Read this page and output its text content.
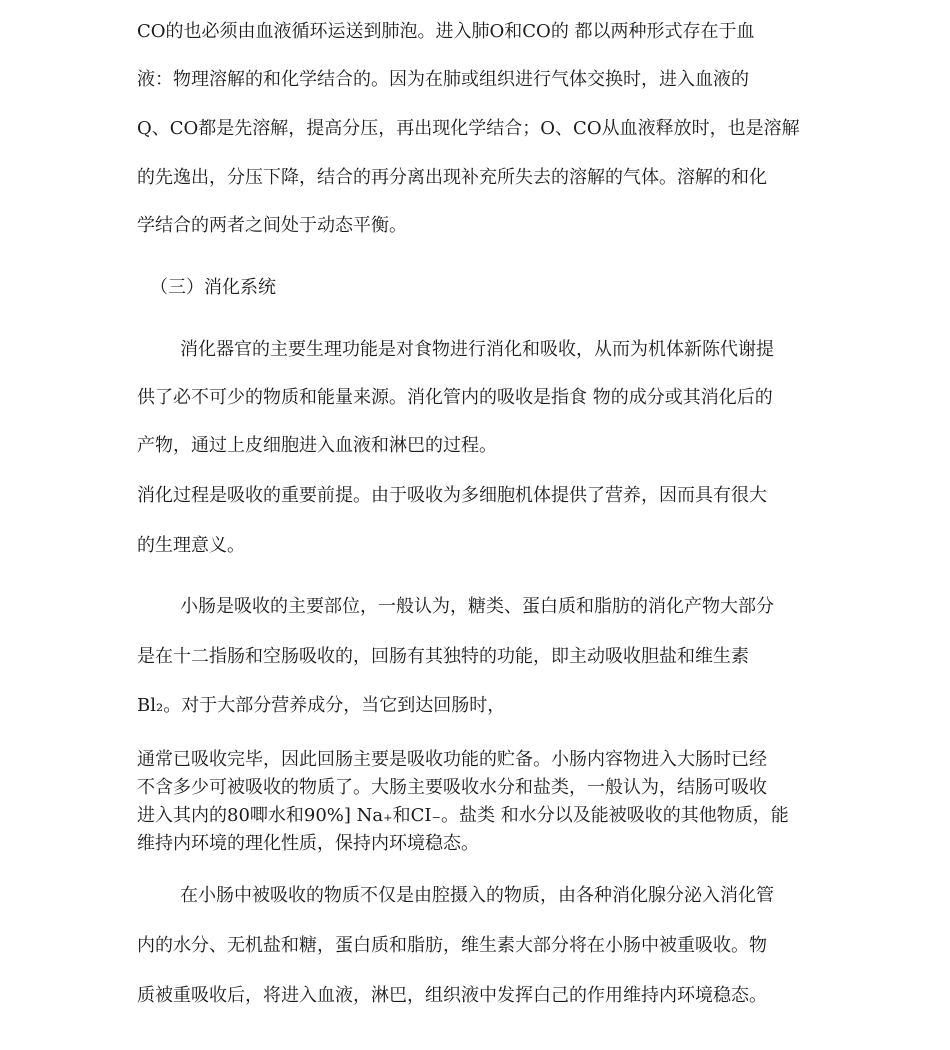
CO的也必须由血液循环运送到肺泡。进入肺O和CO的 都以两种形式存在于血
液：物理溶解的和化学结合的。因为在肺或组织进行气体交换时，进入血液的
Q、CO都是先溶解，提高分压，再出现化学结合；O、CO从血液释放时，也是溶解
的先逸出，分压下降，结合的再分离出现补充所失去的溶解的气体。溶解的和化
学结合的两者之间处于动态平衡。
（三）消化系统
消化器官的主要生理功能是对食物进行消化和吸收，从而为机体新陈代谢提
供了必不可少的物质和能量来源。消化管内的吸收是指食 物的成分或其消化后的
产物，通过上皮细胞进入血液和淋巴的过程。
消化过程是吸收的重要前提。由于吸收为多细胞机体提供了营养，因而具有很大
的生理意义。
小肠是吸收的主要部位，一般认为，糖类、蛋白质和脂肪的消化产物大部分
是在十二指肠和空肠吸收的，回肠有其独特的功能，即主动吸收胆盐和维生素
Bl₂。对于大部分营养成分，当它到达回肠时，
通常已吸收完毕，因此回肠主要是吸收功能的贮备。小肠内容物进入大肠时已经
不含多少可被吸收的物质了。大肠主要吸收水分和盐类，一般认为，结肠可吸收
进入其内的80唧水和90%] Na₊和CI₋。盐类 和水分以及能被吸收的其他物质，能
维持内环境的理化性质，保持内环境稳态。
在小肠中被吸收的物质不仅是由腔摄入的物质，由各种消化腺分泌入消化管
内的水分、无机盐和糖，蛋白质和脂肪，维生素大部分将在小肠中被重吸收。物
质被重吸收后，将进入血液，淋巴，组织液中发挥白己的作用维持内环境稳态。
